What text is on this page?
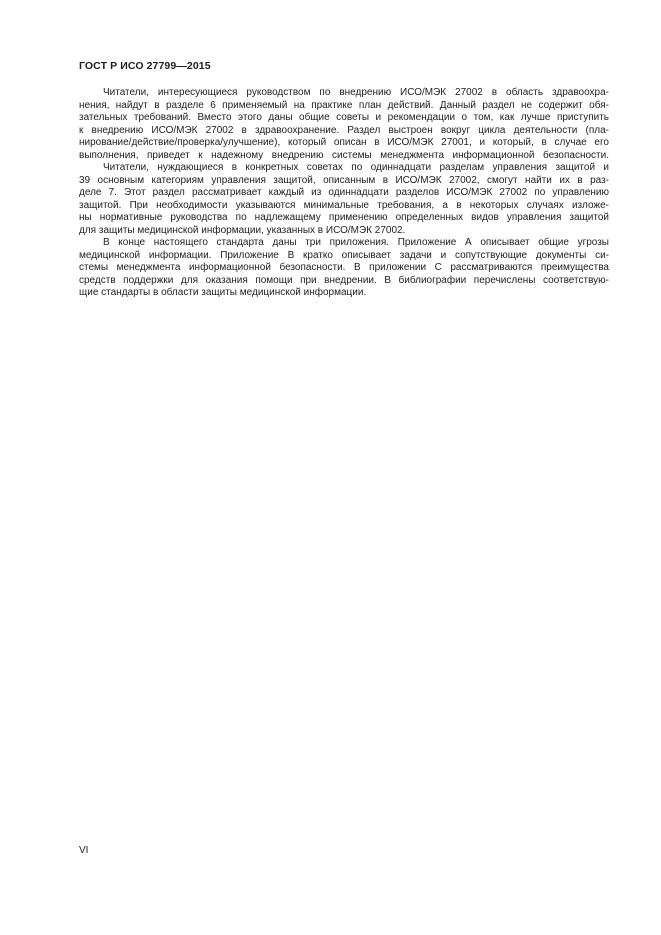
ГОСТ Р ИСО 27799—2015
Читатели, интересующиеся руководством по внедрению ИСО/МЭК 27002 в область здравоохра-
нения, найдут в разделе 6 применяемый на практике план действий. Данный раздел не содержит обя-
зательных требований. Вместо этого даны общие советы и рекомендации о том, как лучше приступить
к внедрению ИСО/МЭК 27002 в здравоохранение. Раздел выстроен вокруг цикла деятельности (пла-
нирование/действие/проверка/улучшение), который описан в ИСО/МЭК 27001, и который, в случае его
выполнения, приведет к надежному внедрению системы менеджмента информационной безопасности.
Читатели, нуждающиеся в конкретных советах по одиннадцати разделам управления защитой и
39 основным категориям управления защитой, описанным в ИСО/МЭК 27002, смогут найти их в раз-
деле 7. Этот раздел рассматривает каждый из одиннадцати разделов ИСО/МЭК 27002 по управлению
защитой. При необходимости указываются минимальные требования, а в некоторых случаях изложе-
ны нормативные руководства по надлежащему применению определенных видов управления защитой
для защиты медицинской информации, указанных в ИСО/МЭК 27002.
В конце настоящего стандарта даны три приложения. Приложение А описывает общие угрозы
медицинской информации. Приложение В кратко описывает задачи и сопутствующие документы си-
стемы менеджмента информационной безопасности. В приложении С рассматриваются преимущества
средств поддержки для оказания помощи при внедрении. В библиографии перечислены соответствую-
щие стандарты в области защиты медицинской информации.
VI
